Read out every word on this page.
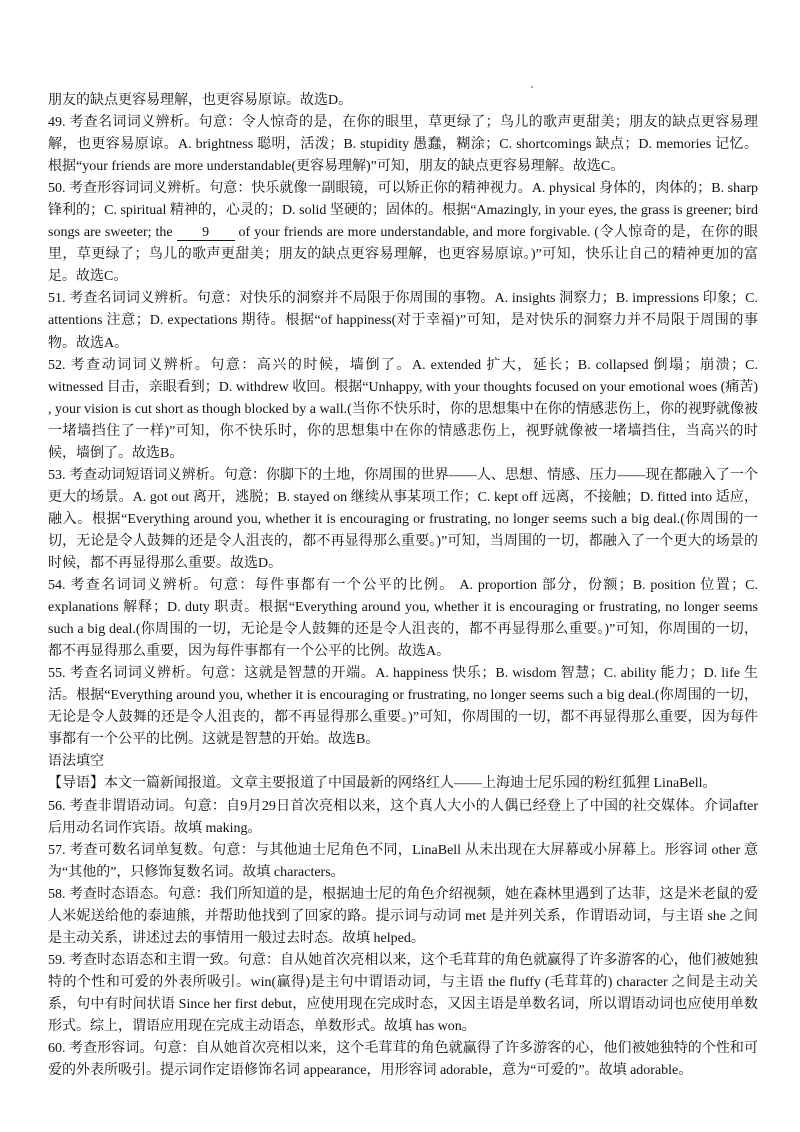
朋友的缺点更容易理解，也更容易原谅。故选D。

49. 考查名词词义辨析。句意：令人惊奇的是，在你的眼里，草更绿了；鸟儿的歌声更甜美；朋友的缺点更容易理解，也更容易原谅。A. brightness 聪明，活泼；B. stupidity 愚蠢，糊涂；C. shortcomings 缺点；D. memories 记忆。根据“your friends are more understandable(更容易理解)”可知，朋友的缺点更容易理解。故选C。

50. 考查形容词词义辨析。句意：快乐就像一副眼镜，可以矫正你的精神视力。A. physical 身体的，肉体的；B. sharp 锋利的；C. spiritual 精神的，心灵的；D. solid 坚硬的；固体的。根据“Amazingly, in your eyes, the grass is greener; bird songs are sweeter; the 9 of your friends are more understandable, and more forgivable. (令人惊奇的是，在你的眼里，草更绿了；鸟儿的歌声更甜美；朋友的缺点更容易理解，也更容易原谅。)”可知，快乐让自己的精神更加的富足。故选C。

51. 考查名词词义辨析。句意：对快乐的洞察并不局限于你周围的事物。A. insights 洞察力；B. impressions 印象；C. attentions 注意；D. expectations 期待。根据“of happiness(对于幸福)”可知，是对快乐的洞察力并不局限于周围的事物。故选A。

52. 考查动词词义辨析。句意：高兴的时候，墙倒了。A. extended 扩大，延长；B. collapsed 倒塌；崩溃；C. witnessed 目击，亲眼看到；D. withdrew 收回。根据“Unhappy, with your thoughts focused on your emotional woes (痛苦) , your vision is cut short as though blocked by a wall.(当你不快乐时，你的思想集中在你的情感悲伤上，你的视野就像被一堵墙挡住了一样)”可知，你不快乐时，你的思想集中在你的情感悲伤上，视野就像被一堵墙挡住，当高兴的时候，墙倒了。故选B。

53. 考查动词短语词义辨析。句意：你脚下的土地，你周围的世界——人、思想、情感、压力——现在都融入了一个更大的场景。A. got out 离开，逃脱；B. stayed on 继续从事某项工作；C. kept off 远离，不接触；D. fitted into 适应，融入。根据“Everything around you, whether it is encouraging or frustrating, no longer seems such a big deal.(你周围的一切，无论是令人鼓舞的还是令人沮丧的，都不再显得那么重要。)”可知，当周围的一切，都融入了一个更大的场景的时候，都不再显得那么重要。故选D。

54. 考查名词词义辨析。句意：每件事都有一个公平的比例。 A. proportion 部分，份额；B. position 位置；C. explanations 解释；D. duty 职责。根据“Everything around you, whether it is encouraging or frustrating, no longer seems such a big deal.(你周围的一切，无论是令人鼓舞的还是令人沮丧的，都不再显得那么重要。)”可知，你周围的一切，都不再显得那么重要，因为每件事都有一个公平的比例。故选A。

55. 考查名词词义辨析。句意：这就是智慧的开端。A. happiness 快乐；B. wisdom 智慧；C. ability 能力；D. life 生活。根据“Everything around you, whether it is encouraging or frustrating, no longer seems such a big deal.(你周围的一切，无论是令人鼓舞的还是令人沮丧的，都不再显得那么重要。)”可知，你周围的一切，都不再显得那么重要，因为每件事都有一个公平的比例。这就是智慧的开始。故选B。

语法填空

【导语】本文一篇新闻报道。文章主要报道了中国最新的网络红人——上海迪士尼乐园的粉红狐狸 LinaBell。

56. 考查非谓语动词。句意：自9月29日首次亮相以来，这个真人大小的人偶已经登上了中国的社交媒体。介词after 后用动名词作宾语。故填 making。

57. 考查可数名词单复数。句意：与其他迪士尼角色不同，LinaBell 从未出现在大屏幕或小屏幕上。形容词 other 意为“其他的”，只修饰复数名词。故填 characters。

58. 考查时态语态。句意：我们所知道的是，根据迪士尼的角色介绍视频，她在森林里遇到了达菲，这是米老鼠的爱人米妮送给他的泰迪熊，并帮助他找到了回家的路。提示词与动词 met 是并列关系，作谓语动词，与主语 she 之间是主动关系，讲述过去的事情用一般过去时态。故填 helped。

59. 考查时态语态和主谓一致。句意：自从她首次亮相以来，这个毛茸茸的角色就赢得了许多游客的心，他们被她独特的个性和可爱的外表所吸引。win(赢得)是主句中谓语动词，与主语 the fluffy (毛茸茸的) character 之间是主动关系，句中有时间状语 Since her first debut，应使用现在完成时态，又因主语是单数名词，所以谓语动词也应使用单数形式。综上，谓语应用现在完成主动语态，单数形式。故填 has won。

60. 考查形容词。句意：自从她首次亮相以来，这个毛茸茸的角色就赢得了许多游客的心，他们被她独特的个性和可爱的外表所吸引。提示词作定语修饰名词 appearance，用形容词 adorable，意为“可爱的”。故填 adorable。
